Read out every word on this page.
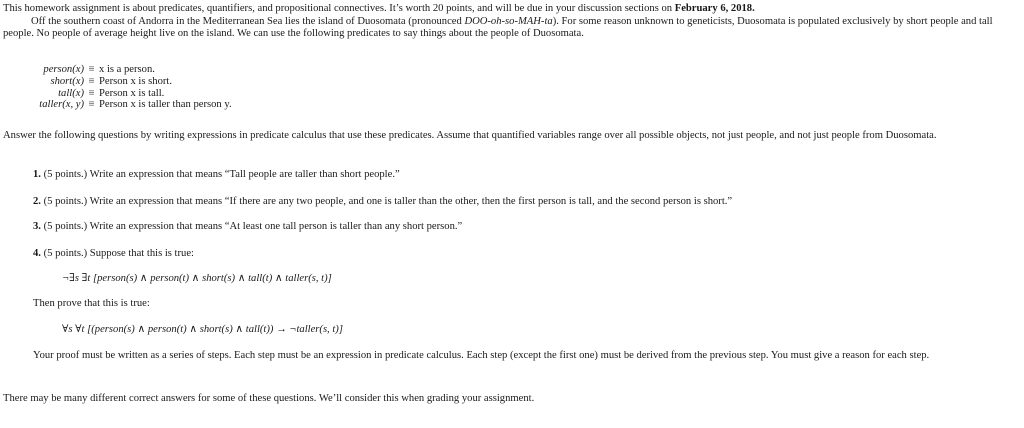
This homework assignment is about predicates, quantifiers, and propositional connectives. It’s worth 20 points, and will be due in your discussion sections on February 6, 2018.

Off the southern coast of Andorra in the Mediterranean Sea lies the island of Duosomata (pronounced DOO-oh-so-MAH-ta). For some reason unknown to geneticists, Duosomata is populated exclusively by short people and tall people. No people of average height live on the island. We can use the following predicates to say things about the people of Duosomata.

person(x) ≡ x is a person.
short(x) ≡ Person x is short.
tall(x) ≡ Person x is tall.
taller(x, y) ≡ Person x is taller than person y.

Answer the following questions by writing expressions in predicate calculus that use these predicates. Assume that quantified variables range over all possible objects, not just people, and not just people from Duosomata.

1. (5 points.) Write an expression that means “Tall people are taller than short people.”

2. (5 points.) Write an expression that means “If there are any two people, and one is taller than the other, then the first person is tall, and the second person is short.”

3. (5 points.) Write an expression that means “At least one tall person is taller than any short person.”

4. (5 points.) Suppose that this is true:

¬∃s ∃t [person(s) ∧ person(t) ∧ short(s) ∧ tall(t) ∧ taller(s, t)]

Then prove that this is true:

∀s ∀t [(person(s) ∧ person(t) ∧ short(s) ∧ tall(t)) → ¬taller(s, t)]

Your proof must be written as a series of steps. Each step must be an expression in predicate calculus. Each step (except the first one) must be derived from the previous step. You must give a reason for each step.

There may be many different correct answers for some of these questions. We’ll consider this when grading your assignment.
